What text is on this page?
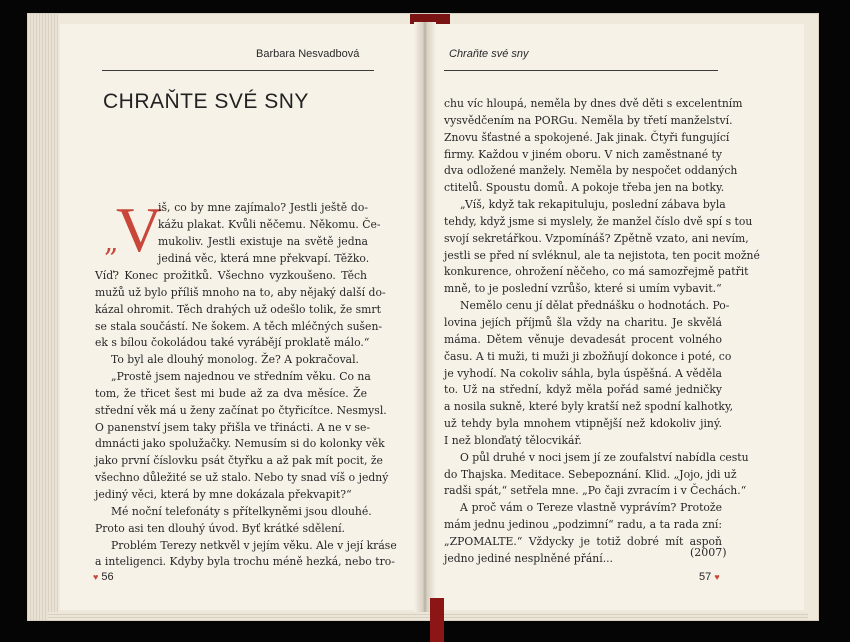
Barbara Nesvadbová	Chraňte své sny
CHRAŇTE SVÉ SNY
V
„
iš, co by mne zajímalo? Jestli ještě do-
kážu plakat. Kvůli něčemu. Někomu. Če-
mukoliv. Jestli existuje na světě jedna
jediná věc, která mne překvapí. Těžko.
Víď? Konec prožitků. Všechno vyzkoušeno. Těch
mužů už bylo příliš mnoho na to, aby nějaký další do-
kázal ohromit. Těch drahých už odešlo tolik, že smrt
se stala součástí. Ne šokem. A těch mléčných sušen-
ek s bílou čokoládou také vyrábějí proklatě málo.“
To byl ale dlouhý monolog. Že? A pokračoval.
„Prostě jsem najednou ve středním věku. Co na
tom, že třicet šest mi bude až za dva měsíce. Že
střední věk má u ženy začínat po čtyřicítce. Nesmysl.
O panenství jsem taky přišla ve třinácti. A ne v se-
dmnácti jako spolužačky. Nemusím si do kolonky věk
jako první číslovku psát čtyřku a až pak mít pocit, že
všechno důležité se už stalo. Nebo ty snad víš o jedný
jediný věci, která by mne dokázala překvapit?“
Mé noční telefonáty s přítelkyněmi jsou dlouhé.
Proto asi ten dlouhý úvod. Byť krátké sdělení.
Problém Terezy netkvěl v jejím věku. Ale v její kráse
a inteligenci. Kdyby byla trochu méně hezká, nebo tro-
chu víc hloupá, neměla by dnes dvě děti s excelentním
vysvědčením na PORGu. Neměla by třetí manželství.
Znovu šťastné a spokojené. Jak jinak. Čtyři fungující
firmy. Každou v jiném oboru. V nich zaměstnané ty
dva odložené manžely. Neměla by nespočet oddaných
ctitelů. Spoustu domů. A pokoje třeba jen na botky.
„Víš, když tak rekapituluju, poslední zábava byla
tehdy, když jsme si myslely, že manžel číslo dvě spí s tou
svojí sekretářkou. Vzpomínáš? Zpětně vzato, ani nevím,
jestli se před ní svléknul, ale ta nejistota, ten pocit možné
konkurence, ohrožení něčeho, co má samozřejmě patřit
mně, to je poslední vzrůšo, které si umím vybavit.“
Nemělo cenu jí dělat přednášku o hodnotách. Po-
lovina jejích příjmů šla vždy na charitu. Je skvělá
máma. Dětem věnuje devadesát procent volného
času. A ti muži, ti muži ji zbožňují dokonce i poté, co
je vyhodí. Na cokoliv sáhla, byla úspěšná. A věděla
to. Už na střední, když měla pořád samé jedničky
a nosila sukně, které byly kratší než spodní kalhotky,
už tehdy byla mnohem vtipnější než kdokoliv jiný.
I než blonďatý tělocvikář.
O půl druhé v noci jsem jí ze zoufalství nabídla cestu
do Thajska. Meditace. Sebepoznání. Klid. „Jojo, jdi už
radši spát,“ setřela mne. „Po čaji zvracím i v Čechách.“
A proč vám o Tereze vlastně vyprávím? Protože
mám jednu jedinou „podzimní“ radu, a ta rada zní:
„ZPOMALTE.“ Vždycky je totiž dobré mít aspoň
jedno jediné nesplněné přání...	(2007)
♥ 56	57 ♥
